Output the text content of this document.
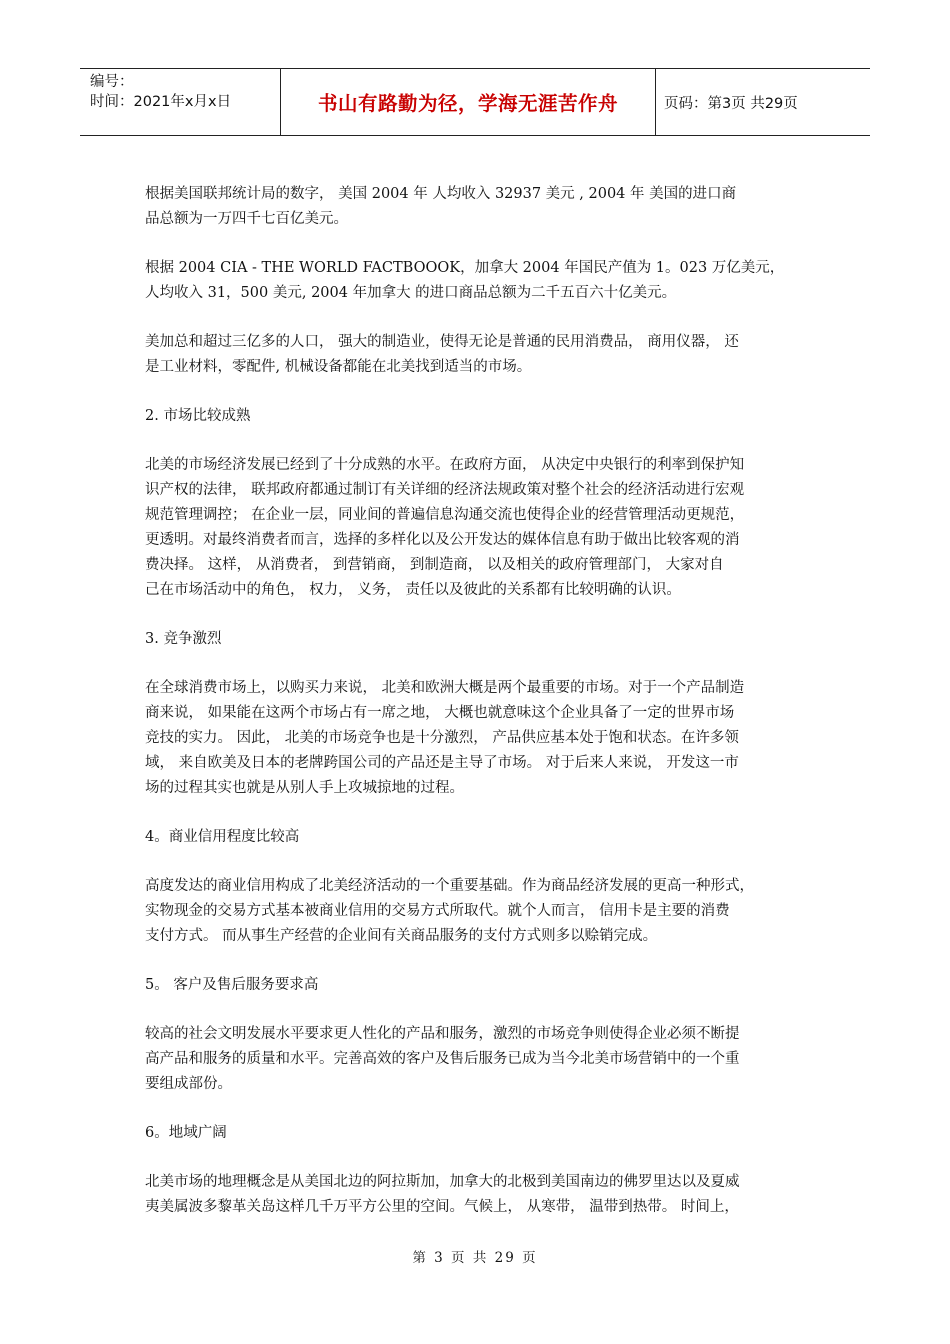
编号：
时间：2021年x月x日	书山有路勤为径，学海无涯苦作舟	页码：第3页 共29页
根据美国联邦统计局的数字， 美国 2004 年 人均收入 32937 美元 , 2004 年 美国的进口商
品总额为一万四千七百亿美元。
根据 2004 CIA - THE WORLD FACTBOOOK，加拿大 2004 年国民产值为 1。023 万亿美元，
人均收入 31，500 美元, 2004 年加拿大 的进口商品总额为二千五百六十亿美元。
美加总和超过三亿多的人口， 强大的制造业，使得无论是普通的民用消费品， 商用仪器， 还
是工业材料，零配件, 机械设备都能在北美找到适当的市场。
2. 市场比较成熟
北美的市场经济发展已经到了十分成熟的水平。在政府方面， 从决定中央银行的利率到保护知
识产权的法律， 联邦政府都通过制订有关详细的经济法规政策对整个社会的经济活动进行宏观
规范管理调控； 在企业一层，同业间的普遍信息沟通交流也使得企业的经营管理活动更规范，
更透明。对最终消费者而言，选择的多样化以及公开发达的媒体信息有助于做出比较客观的消
费决择。 这样， 从消费者， 到营销商， 到制造商， 以及相关的政府管理部门， 大家对自
己在市场活动中的角色， 权力， 义务， 责任以及彼此的关系都有比较明确的认识。
3. 竞争激烈
在全球消费市场上，以购买力来说， 北美和欧洲大概是两个最重要的市场。对于一个产品制造
商来说， 如果能在这两个市场占有一席之地， 大概也就意味这个企业具备了一定的世界市场
竞技的实力。 因此， 北美的市场竞争也是十分激烈， 产品供应基本处于饱和状态。在许多领
域， 来自欧美及日本的老牌跨国公司的产品还是主导了市场。 对于后来人来说， 开发这一市
场的过程其实也就是从别人手上攻城掠地的过程。
4。商业信用程度比较高
高度发达的商业信用构成了北美经济活动的一个重要基础。作为商品经济发展的更高一种形式，
实物现金的交易方式基本被商业信用的交易方式所取代。就个人而言， 信用卡是主要的消费
支付方式。 而从事生产经营的企业间有关商品服务的支付方式则多以赊销完成。
5。 客户及售后服务要求高
较高的社会文明发展水平要求更人性化的产品和服务，激烈的市场竞争则使得企业必须不断提
高产品和服务的质量和水平。完善高效的客户及售后服务已成为当今北美市场营销中的一个重
要组成部份。
6。地域广阔
北美市场的地理概念是从美国北边的阿拉斯加，加拿大的北极到美国南边的佛罗里达以及夏威
夷美属波多黎革关岛这样几千万平方公里的空间。气候上， 从寒带， 温带到热带。 时间上，
第 3 页 共 29 页
